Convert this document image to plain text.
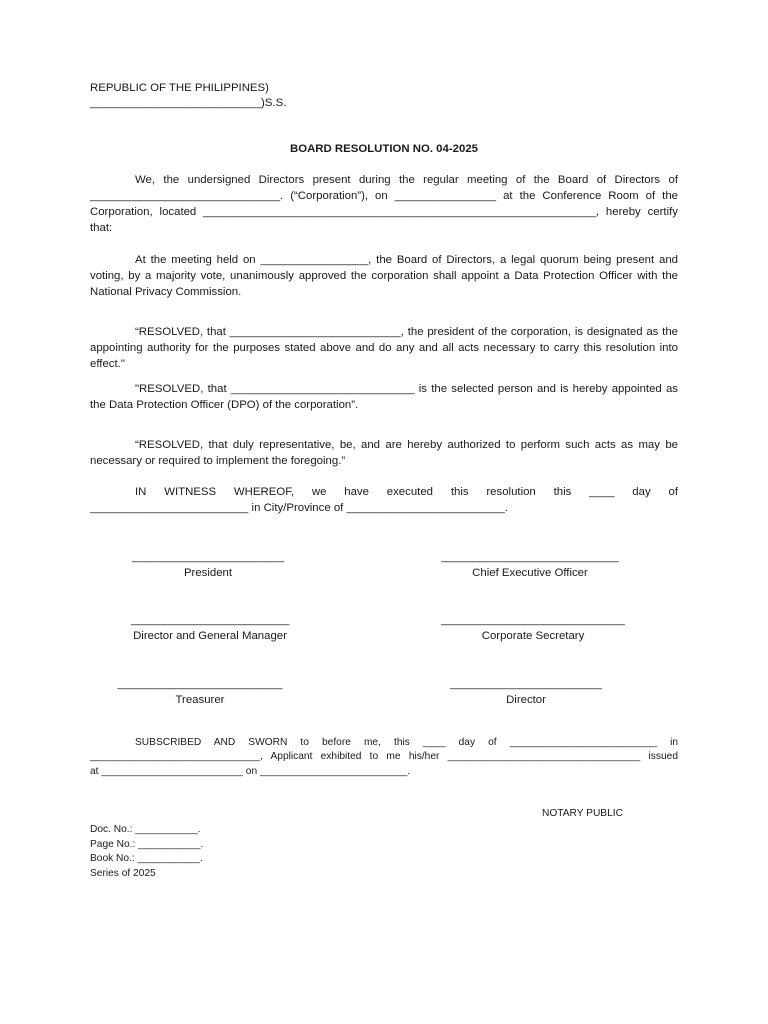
REPUBLIC OF THE PHILIPPINES)

___________________________)S.S.

BOARD RESOLUTION NO. 04-2025

We, the undersigned Directors present during the regular meeting of the Board of Directors of ______________________________. (“Corporation”), on ________________ at the Conference Room of the Corporation, located ______________________________________________________________, hereby certify that:

At the meeting held on _________________, the Board of Directors, a legal quorum being present and voting, by a majority vote, unanimously approved the corporation shall appoint a Data Protection Officer with the National Privacy Commission.

“RESOLVED, that ___________________________, the president of the corporation, is designated as the appointing authority for the purposes stated above and do any and all acts necessary to carry this resolution into effect."

"RESOLVED, that _____________________________ is the selected person and is hereby appointed as the Data Protection Officer (DPO) of the corporation”.

“RESOLVED, that duly representative, be, and are hereby authorized to perform such acts as may be necessary or required to implement the foregoing.”

IN WITNESS WHEREOF, we have executed this resolution this ____ day of

_________________________ in City/Province of _________________________.

________________________
President
____________________________
Chief Executive Officer
_________________________
Director and General Manager
_____________________________
Corporate Secretary
__________________________
Treasurer
________________________
Director

SUBSCRIBED AND SWORN to before me, this ____ day of __________________________ in

______________________________, Applicant exhibited to me his/her __________________________________ issued

at _________________________ on __________________________.

NOTARY PUBLIC
Doc. No.: ___________.
Page No.: ___________.
Book No.: ___________.
Series of 2025
